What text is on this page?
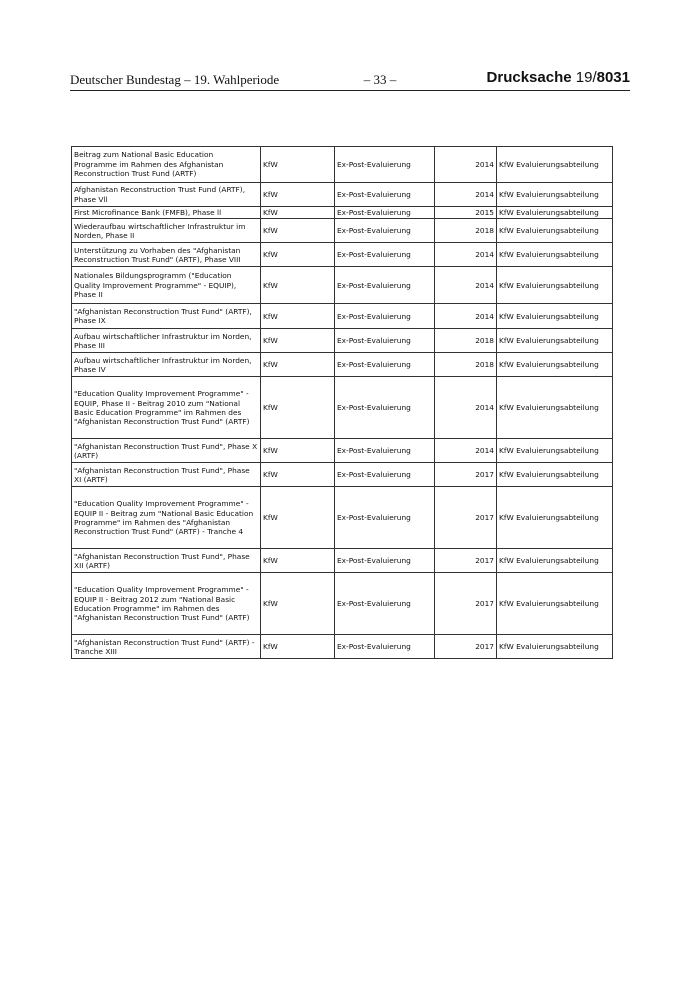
Deutscher Bundestag – 19. Wahlperiode	– 33 –	Drucksache 19/8031
Beitrag zum National Basic Education Programme im Rahmen des Afghanistan Reconstruction Trust Fund (ARTF)	KfW	Ex-Post-Evaluierung	2014	KfW Evaluierungsabteilung
Afghanistan Reconstruction Trust Fund (ARTF), Phase Vll	KfW	Ex-Post-Evaluierung	2014	KfW Evaluierungsabteilung
First Microfinance Bank (FMFB), Phase ll	KfW	Ex-Post-Evaluierung	2015	KfW Evaluierungsabteilung
Wiederaufbau wirtschaftlicher Infrastruktur im Norden, Phase II	KfW	Ex-Post-Evaluierung	2018	KfW Evaluierungsabteilung
Unterstützung zu Vorhaben des "Afghanistan Reconstruction Trust Fund" (ARTF), Phase VIII	KfW	Ex-Post-Evaluierung	2014	KfW Evaluierungsabteilung
Nationales Bildungsprogramm ("Education Quality Improvement Programme" - EQUIP), Phase II	KfW	Ex-Post-Evaluierung	2014	KfW Evaluierungsabteilung
"Afghanistan Reconstruction Trust Fund" (ARTF), Phase IX	KfW	Ex-Post-Evaluierung	2014	KfW Evaluierungsabteilung
Aufbau wirtschaftlicher Infrastruktur im Norden, Phase III	KfW	Ex-Post-Evaluierung	2018	KfW Evaluierungsabteilung
Aufbau wirtschaftlicher Infrastruktur im Norden, Phase IV	KfW	Ex-Post-Evaluierung	2018	KfW Evaluierungsabteilung
"Education Quality Improvement Programme" - EQUIP, Phase II - Beitrag 2010 zum "National Basic Education Programme" im Rahmen des "Afghanistan Reconstruction Trust Fund" (ARTF)	KfW	Ex-Post-Evaluierung	2014	KfW Evaluierungsabteilung
"Afghanistan Reconstruction Trust Fund", Phase X (ARTF)	KfW	Ex-Post-Evaluierung	2014	KfW Evaluierungsabteilung
"Afghanistan Reconstruction Trust Fund", Phase XI (ARTF)	KfW	Ex-Post-Evaluierung	2017	KfW Evaluierungsabteilung
"Education Quality Improvement Programme" - EQUIP II - Beitrag zum "National Basic Education Programme" im Rahmen des "Afghanistan Reconstruction Trust Fund" (ARTF) - Tranche 4	KfW	Ex-Post-Evaluierung	2017	KfW Evaluierungsabteilung
"Afghanistan Reconstruction Trust Fund", Phase XII (ARTF)	KfW	Ex-Post-Evaluierung	2017	KfW Evaluierungsabteilung
"Education Quality Improvement Programme" - EQUIP II - Beitrag 2012 zum "National Basic Education Programme" im Rahmen des "Afghanistan Reconstruction Trust Fund" (ARTF)	KfW	Ex-Post-Evaluierung	2017	KfW Evaluierungsabteilung
"Afghanistan Reconstruction Trust Fund" (ARTF) - Tranche XIII	KfW	Ex-Post-Evaluierung	2017	KfW Evaluierungsabteilung
